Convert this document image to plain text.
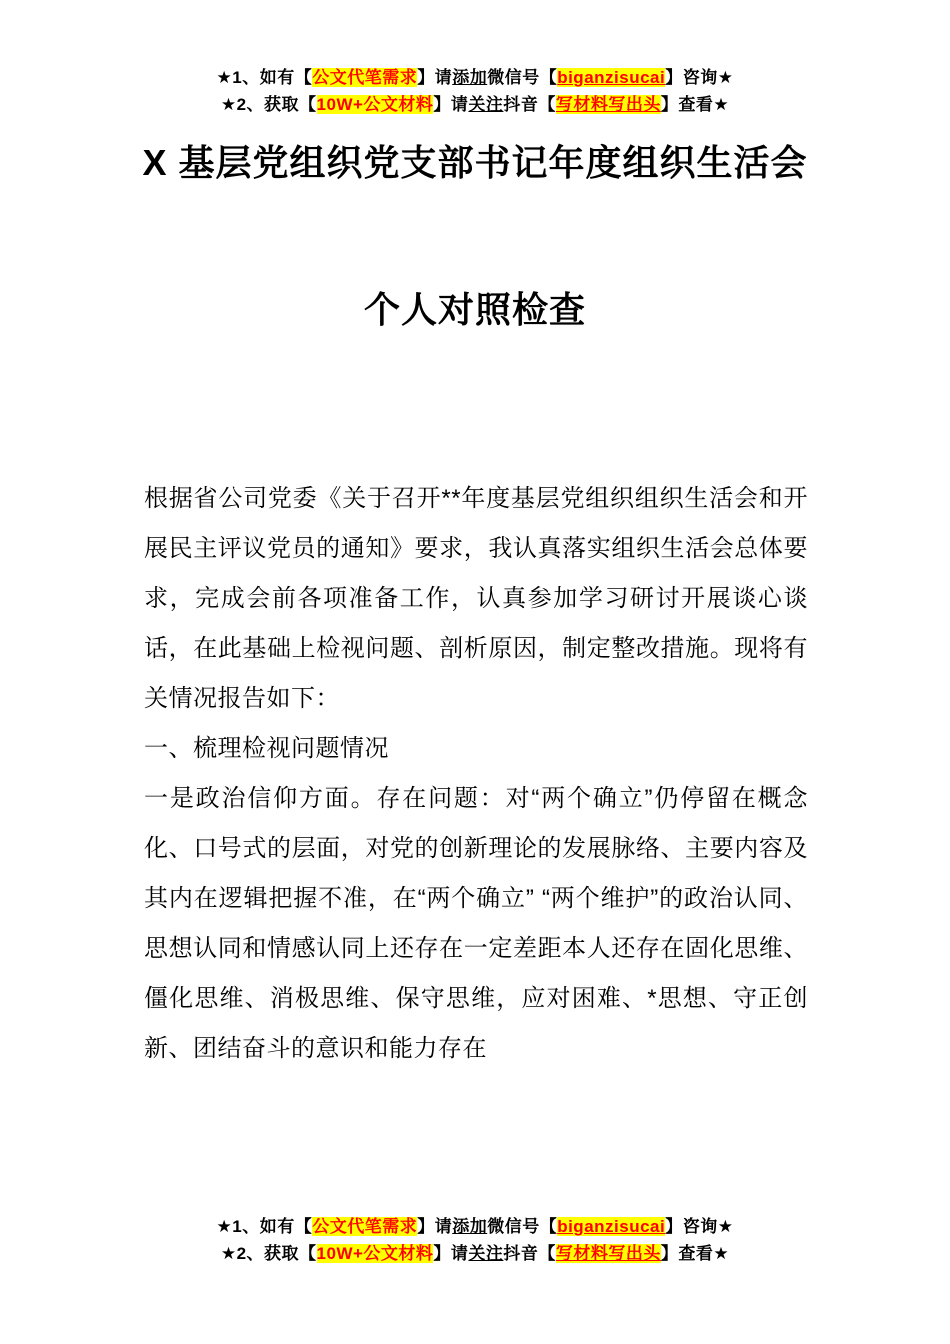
★1、如有【公文代笔需求】请添加微信号【biganzisucai】咨询★
★2、获取【10W+公文材料】请关注抖音【写材料写出头】查看★
X 基层党组织党支部书记年度组织生活会
个人对照检查

根据省公司党委《关于召开**年度基层党组织组织生活会和开展民主评议党员的通知》要求，我认真落实组织生活会总体要求，完成会前各项准备工作，认真参加学习研讨开展谈心谈话，在此基础上检视问题、剖析原因，制定整改措施。现将有关情况报告如下：

一、梳理检视问题情况

一是政治信仰方面。存在问题：对“两个确立”仍停留在概念化、口号式的层面，对党的创新理论的发展脉络、主要内容及其内在逻辑把握不准，在“两个确立” “两个维护”的政治认同、思想认同和情感认同上还存在一定差距本人还存在固化思维、僵化思维、消极思维、保守思维，应对困难、*思想、守正创新、团结奋斗的意识和能力存在

★1、如有【公文代笔需求】请添加微信号【biganzisucai】咨询★
★2、获取【10W+公文材料】请关注抖音【写材料写出头】查看★
